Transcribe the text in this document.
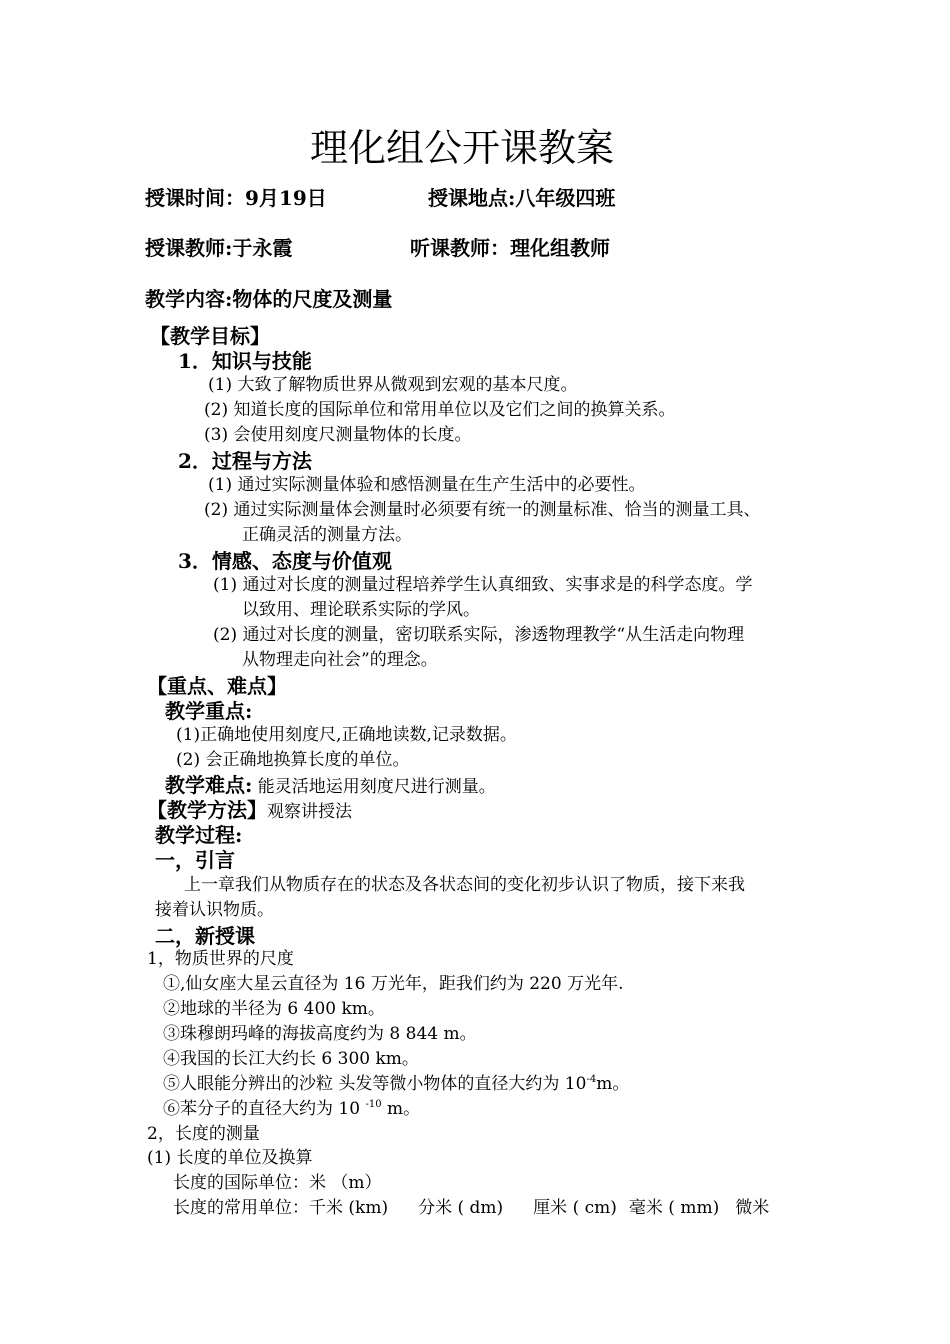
理化组公开课教案
授课时间：9月19日	授课地点:八年级四班
授课教师:于永霞	听课教师：理化组教师
教学内容:物体的尺度及测量
【教学目标】
1．知识与技能
(1) 大致了解物质世界从微观到宏观的基本尺度。
(2) 知道长度的国际单位和常用单位以及它们之间的换算关系。
(3) 会使用刻度尺测量物体的长度。
2．过程与方法
(1) 通过实际测量体验和感悟测量在生产生活中的必要性。
(2) 通过实际测量体会测量时必须要有统一的测量标准、恰当的测量工具、
正确灵活的测量方法。
3．情感、态度与价值观
(1) 通过对长度的测量过程培养学生认真细致、实事求是的科学态度。学
以致用、理论联系实际的学风。
(2) 通过对长度的测量，密切联系实际，渗透物理教学“从生活走向物理
从物理走向社会”的理念。
【重点、难点】
教学重点:
(1)正确地使用刻度尺,正确地读数,记录数据。
(2) 会正确地换算长度的单位。
教学难点: 能灵活地运用刻度尺进行测量。
【教学方法】观察讲授法
教学过程:
一，引言
上一章我们从物质存在的状态及各状态间的变化初步认识了物质，接下来我
接着认识物质。
二，新授课
1，物质世界的尺度
①,仙女座大星云直径为 16 万光年，距我们约为 220 万光年.
②地球的半径为 6 400 km。
③珠穆朗玛峰的海拔高度约为 8 844 m。
④我国的长江大约长 6 300 km。
⑤人眼能分辨出的沙粒 头发等微小物体的直径大约为 $10^{-4}m$。
⑥苯分子的直径大约为 10 $^{-10}$ m。
2，长度的测量
(1) 长度的单位及换算
长度的国际单位：米 （m）
长度的常用单位：千米 (km) 分米 ( dm) 厘米 ( cm) 毫米 ( mm) 微米
